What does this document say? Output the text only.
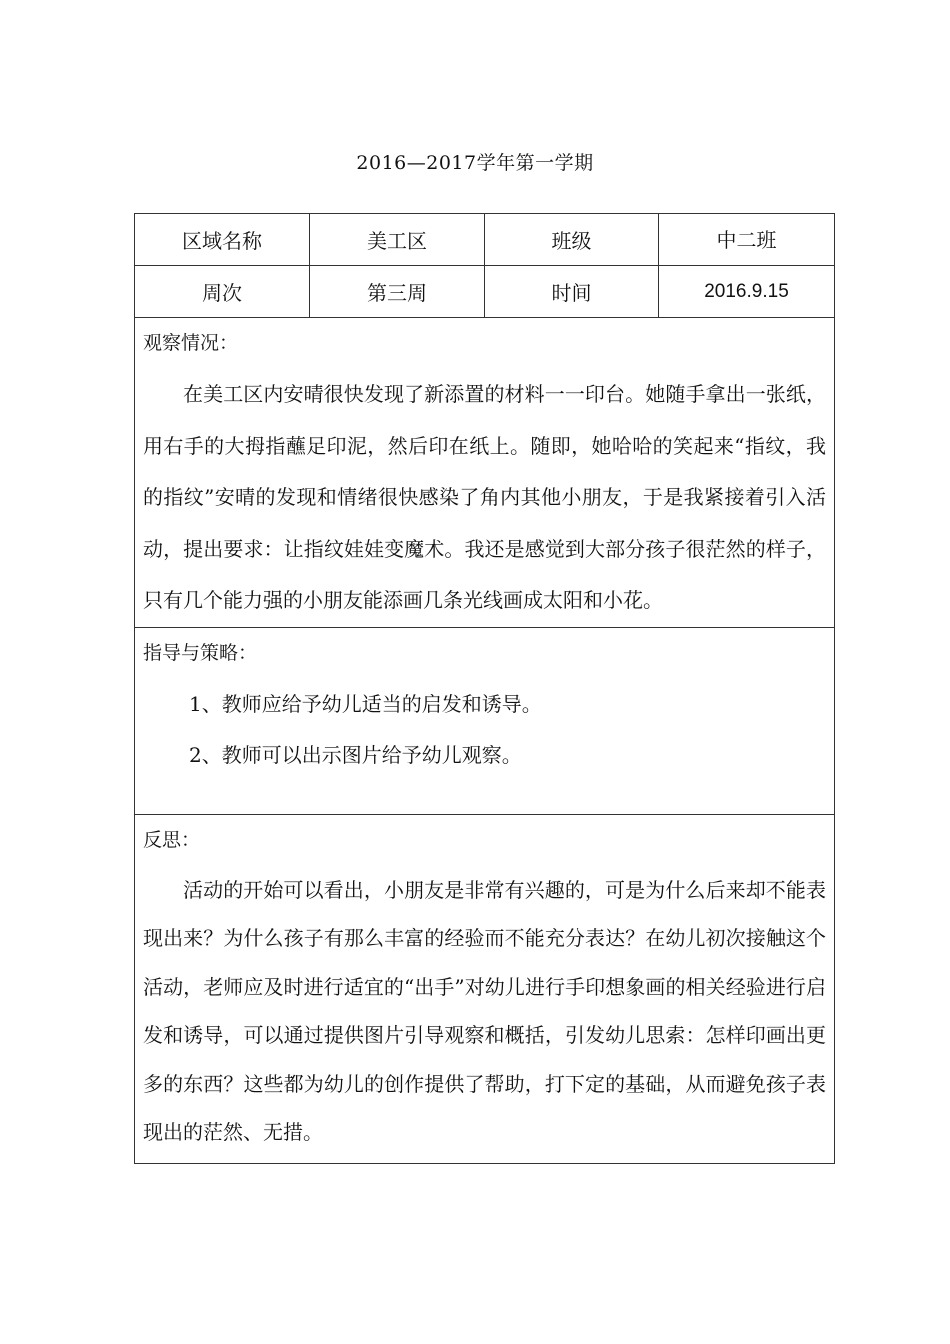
2016—2017学年第一学期
区域名称	美工区	班级	中二班
周次	第三周	时间	2016.9.15

观察情况：

在美工区内安晴很快发现了新添置的材料一一印台。她随手拿出一张纸，用右手的大拇指蘸足印泥，然后印在纸上。随即，她哈哈的笑起来“指纹，我的指纹”安晴的发现和情绪很快感染了角内其他小朋友，于是我紧接着引入活动，提出要求：让指纹娃娃变魔术。我还是感觉到大部分孩子很茫然的样子，只有几个能力强的小朋友能添画几条光线画成太阳和小花。			

指导与策略：

1、教师应给予幼儿适当的启发和诱导。

2、教师可以出示图片给予幼儿观察。			

反思：

活动的开始可以看出，小朋友是非常有兴趣的，可是为什么后来却不能表现出来？为什么孩子有那么丰富的经验而不能充分表达？在幼儿初次接触这个活动，老师应及时进行适宜的“出手”对幼儿进行手印想象画的相关经验进行启发和诱导，可以通过提供图片引导观察和概括，引发幼儿思索：怎样印画出更多的东西？这些都为幼儿的创作提供了帮助，打下定的基础，从而避免孩子表现出的茫然、无措。			
